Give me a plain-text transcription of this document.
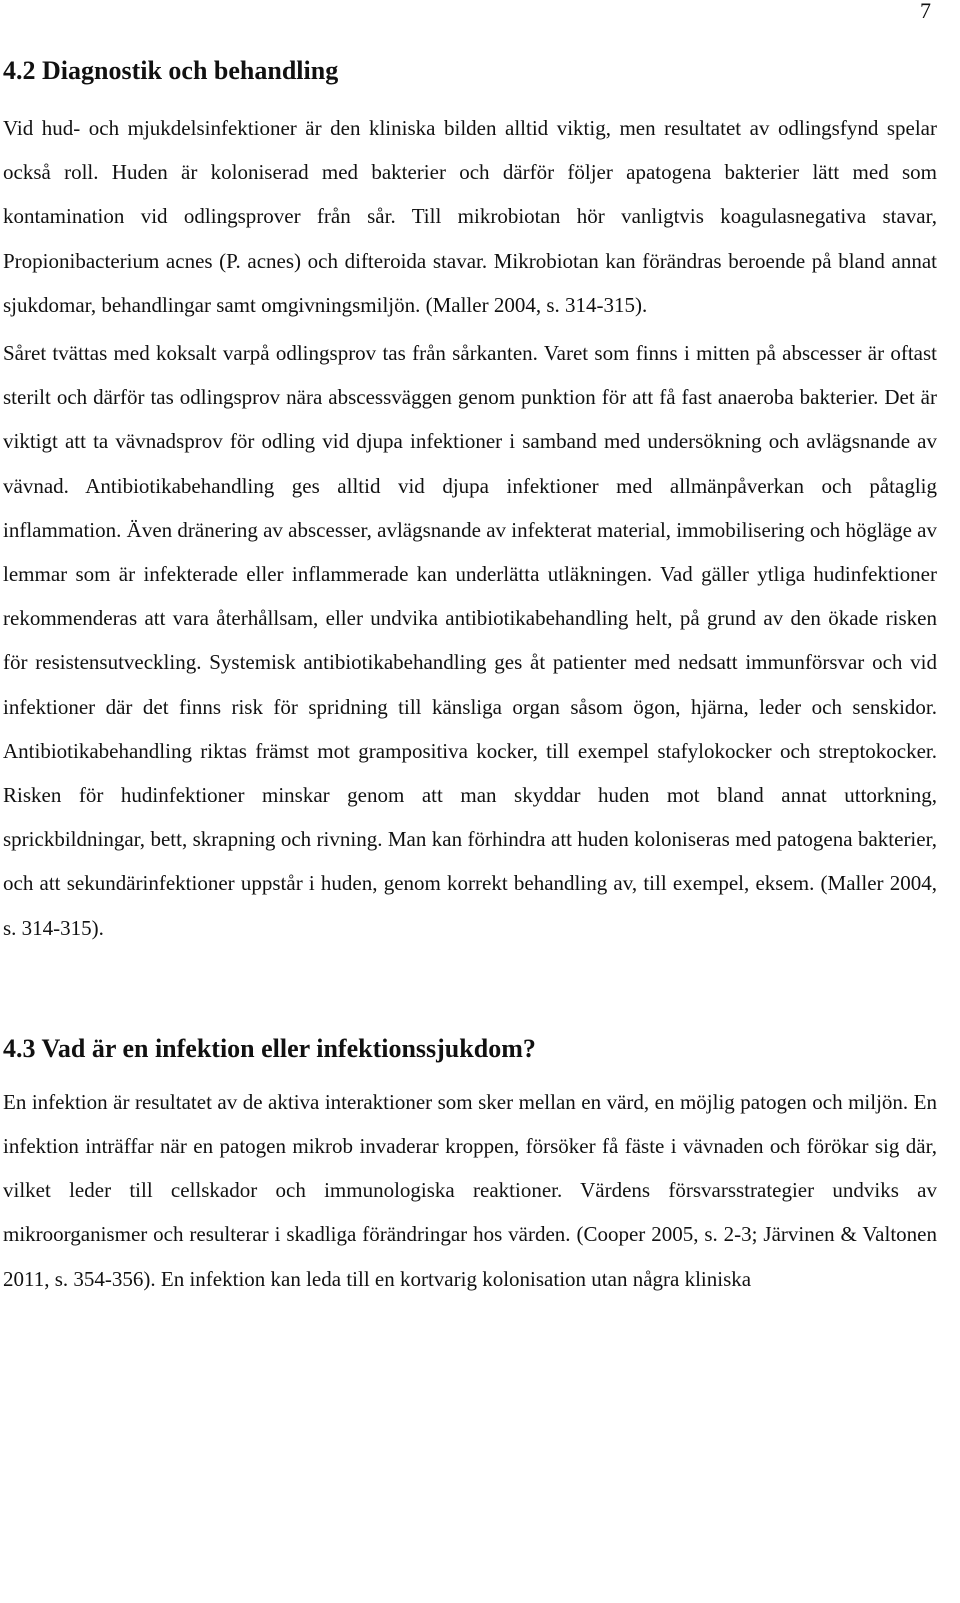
7
4.2 Diagnostik och behandling

Vid hud- och mjukdelsinfektioner är den kliniska bilden alltid viktig, men resultatet av odlingsfynd spelar också roll. Huden är koloniserad med bakterier och därför följer apatogena bakterier lätt med som kontamination vid odlingsprover från sår. Till mikrobiotan hör vanligtvis koagulasnegativa stavar, Propionibacterium acnes (P. acnes) och difteroida stavar. Mikrobiotan kan förändras beroende på bland annat sjukdomar, behandlingar samt omgivningsmiljön. (Maller 2004, s. 314-315).

Såret tvättas med koksalt varpå odlingsprov tas från sårkanten. Varet som finns i mitten på abscesser är oftast sterilt och därför tas odlingsprov nära abscessväggen genom punktion för att få fast anaeroba bakterier. Det är viktigt att ta vävnadsprov för odling vid djupa infektioner i samband med undersökning och avlägsnande av vävnad. Antibiotikabehandling ges alltid vid djupa infektioner med allmänpåverkan och påtaglig inflammation. Även dränering av abscesser, avlägsnande av infekterat material, immobilisering och högläge av lemmar som är infekterade eller inflammerade kan underlätta utläkningen. Vad gäller ytliga hudinfektioner rekommenderas att vara återhållsam, eller undvika antibiotikabehandling helt, på grund av den ökade risken för resistensutveckling. Systemisk antibiotikabehandling ges åt patienter med nedsatt immunförsvar och vid infektioner där det finns risk för spridning till känsliga organ såsom ögon, hjärna, leder och senskidor. Antibiotikabehandling riktas främst mot grampositiva kocker, till exempel stafylokocker och streptokocker. Risken för hudinfektioner minskar genom att man skyddar huden mot bland annat uttorkning, sprickbildningar, bett, skrapning och rivning. Man kan förhindra att huden koloniseras med patogena bakterier, och att sekundärinfektioner uppstår i huden, genom korrekt behandling av, till exempel, eksem. (Maller 2004, s. 314-315).

4.3 Vad är en infektion eller infektionssjukdom?

En infektion är resultatet av de aktiva interaktioner som sker mellan en värd, en möjlig patogen och miljön. En infektion inträffar när en patogen mikrob invaderar kroppen, försöker få fäste i vävnaden och förökar sig där, vilket leder till cellskador och immunologiska reaktioner. Värdens försvarsstrategier undviks av mikroorganismer och resulterar i skadliga förändringar hos värden. (Cooper 2005, s. 2-3; Järvinen & Valtonen 2011, s. 354-356). En infektion kan leda till en kortvarig kolonisation utan några kliniska
